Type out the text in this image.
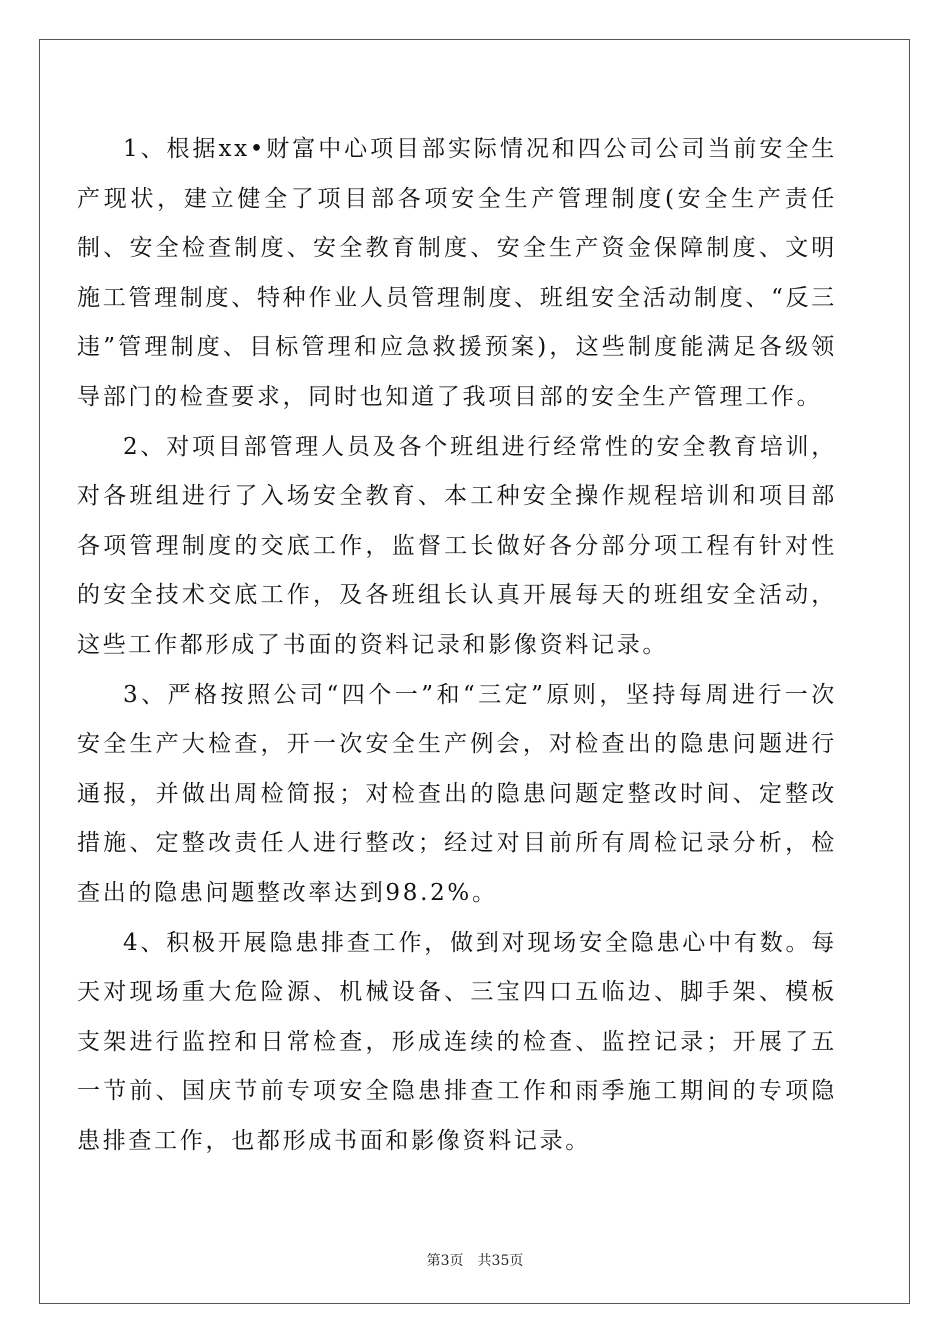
1、根据xx•财富中心项目部实际情况和四公司公司当前安全生产现状，建立健全了项目部各项安全生产管理制度(安全生产责任制、安全检查制度、安全教育制度、安全生产资金保障制度、文明施工管理制度、特种作业人员管理制度、班组安全活动制度、“反三违”管理制度、目标管理和应急救援预案)，这些制度能满足各级领导部门的检查要求，同时也知道了我项目部的安全生产管理工作。

2、对项目部管理人员及各个班组进行经常性的安全教育培训，对各班组进行了入场安全教育、本工种安全操作规程培训和项目部各项管理制度的交底工作，监督工长做好各分部分项工程有针对性的安全技术交底工作，及各班组长认真开展每天的班组安全活动，这些工作都形成了书面的资料记录和影像资料记录。

3、严格按照公司“四个一”和“三定”原则，坚持每周进行一次安全生产大检查，开一次安全生产例会，对检查出的隐患问题进行通报，并做出周检简报；对检查出的隐患问题定整改时间、定整改措施、定整改责任人进行整改；经过对目前所有周检记录分析，检查出的隐患问题整改率达到98.2%。

4、积极开展隐患排查工作，做到对现场安全隐患心中有数。每天对现场重大危险源、机械设备、三宝四口五临边、脚手架、模板支架进行监控和日常检查，形成连续的检查、监控记录；开展了五一节前、国庆节前专项安全隐患排查工作和雨季施工期间的专项隐患排查工作，也都形成书面和影像资料记录。

第3页 共35页
